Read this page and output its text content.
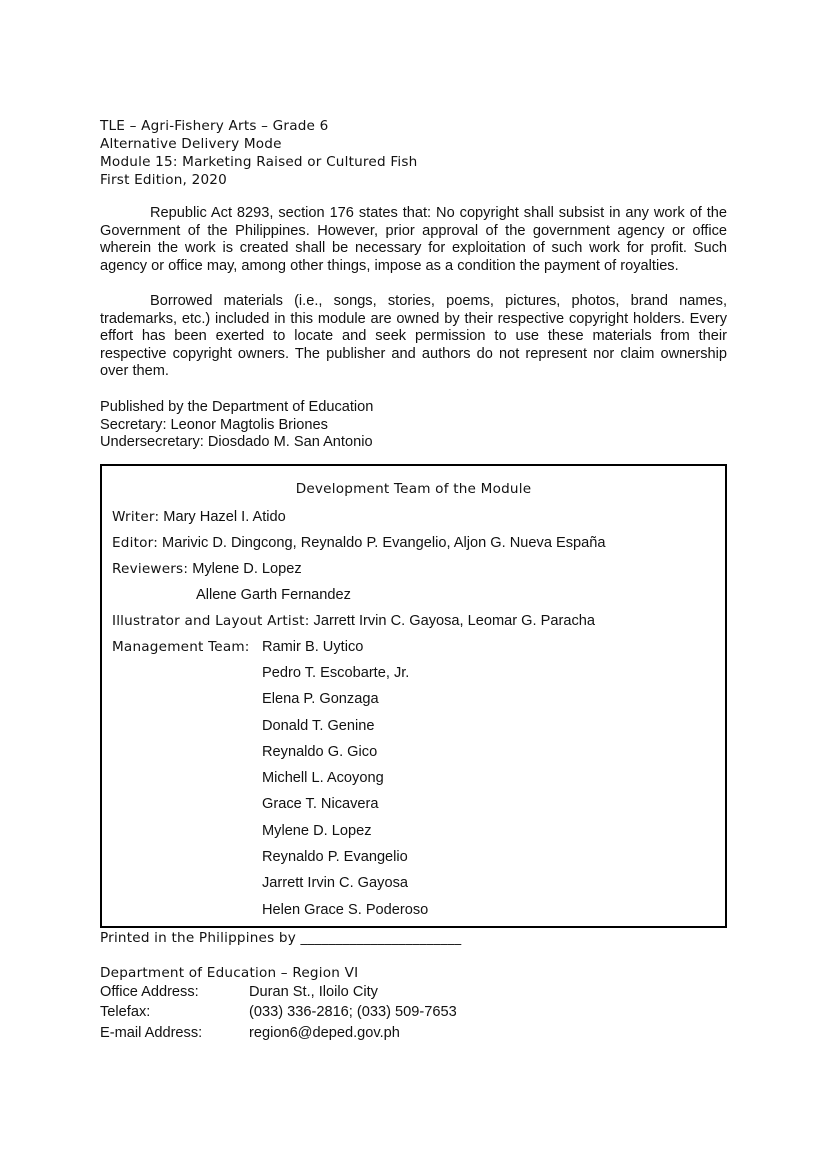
TLE – Agri-Fishery Arts – Grade 6
Alternative Delivery Mode
Module 15: Marketing Raised or Cultured Fish
First Edition, 2020
Republic Act 8293, section 176 states that: No copyright shall subsist in any work of the Government of the Philippines. However, prior approval of the government agency or office wherein the work is created shall be necessary for exploitation of such work for profit. Such agency or office may, among other things, impose as a condition the payment of royalties.
Borrowed materials (i.e., songs, stories, poems, pictures, photos, brand names, trademarks, etc.) included in this module are owned by their respective copyright holders. Every effort has been exerted to locate and seek permission to use these materials from their respective copyright owners. The publisher and authors do not represent nor claim ownership over them.
Published by the Department of Education
Secretary: Leonor Magtolis Briones
Undersecretary: Diosdado M. San Antonio
Development Team of the Module
Writer: Mary Hazel I. Atido
Editor: Marivic D. Dingcong, Reynaldo P. Evangelio, Aljon G. Nueva España
Reviewers: Mylene D. Lopez
Allene Garth Fernandez
Illustrator and Layout Artist: Jarrett Irvin C. Gayosa, Leomar G. Paracha
Management Team: Ramir B. Uytico
Pedro T. Escobarte, Jr.
Elena P. Gonzaga
Donald T. Genine
Reynaldo G. Gico
Michell L. Acoyong
Grace T. Nicavera
Mylene D. Lopez
Reynaldo P. Evangelio
Jarrett Irvin C. Gayosa
Helen Grace S. Poderoso
Printed in the Philippines by _______________________
Department of Education – Region VI
Office Address:	Duran St., Iloilo City
Telefax:	(033) 336-2816; (033) 509-7653
E-mail Address:	region6@deped.gov.ph
